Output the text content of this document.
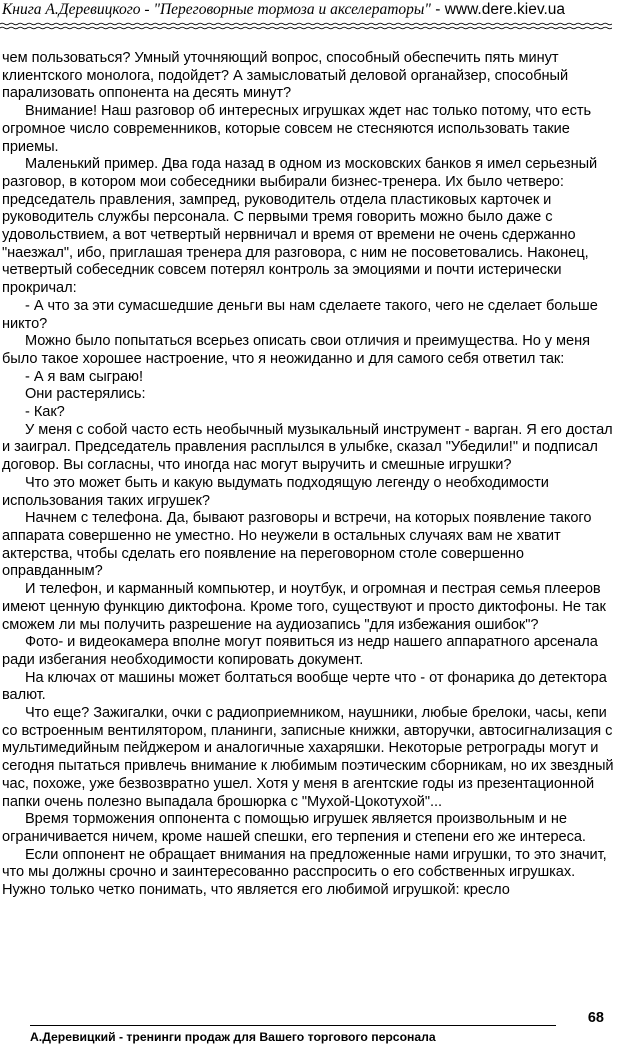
Книга А.Деревицкого - "Переговорные тормоза и акселераторы" - www.dere.kiev.ua

чем пользоваться? Умный уточняющий вопрос, способный обеспечить пять минут клиентского монолога, подойдет? А замысловатый деловой органайзер, способный парализовать оппонента на десять минут?

Внимание! Наш разговор об интересных игрушках ждет нас только потому, что есть огромное число современников, которые совсем не стесняются использовать такие приемы.

Маленький пример. Два года назад в одном из московских банков я имел серьезный разговор, в котором мои собеседники выбирали бизнес-тренера. Их было четверо: председатель правления, зампред, руководитель отдела пластиковых карточек и руководитель службы персонала. С первыми тремя говорить можно было даже с удовольствием, а вот четвертый нервничал и время от времени не очень сдержанно "наезжал", ибо, приглашая тренера для разговора, с ним не посоветовались. Наконец, четвертый собеседник совсем потерял контроль за эмоциями и почти истерически прокричал:

- А что за эти сумасшедшие деньги вы нам сделаете такого, чего не сделает больше никто?

Можно было попытаться всерьез описать свои отличия и преимущества. Но у меня было такое хорошее настроение, что я неожиданно и для самого себя ответил так:

- А я вам сыграю!

Они растерялись:

- Как?

У меня с собой часто есть необычный музыкальный инструмент - варган. Я его достал и заиграл. Председатель правления расплылся в улыбке, сказал "Убедили!" и подписал договор. Вы согласны, что иногда нас могут выручить и смешные игрушки?

Что это может быть и какую выдумать подходящую легенду о необходимости использования таких игрушек?

Начнем с телефона. Да, бывают разговоры и встречи, на которых появление такого аппарата совершенно не уместно. Но неужели в остальных случаях вам не хватит актерства, чтобы сделать его появление на переговорном столе совершенно оправданным?

И телефон, и карманный компьютер, и ноутбук, и огромная и пестрая семья плееров имеют ценную функцию диктофона. Кроме того, существуют и просто диктофоны. Не так сможем ли мы получить разрешение на аудиозапись "для избежания ошибок"?

Фото- и видеокамера вполне могут появиться из недр нашего аппаратного арсенала ради избегания необходимости копировать документ.

На ключах от машины может болтаться вообще черте что - от фонарика до детектора валют.

Что еще? Зажигалки, очки с радиоприемником, наушники, любые брелоки, часы, кепи со встроенным вентилятором, планинги, записные книжки, авторучки, автосигнализация с мультимедийным пейджером и аналогичные хахаряшки. Некоторые ретрограды могут и сегодня пытаться привлечь внимание к любимым поэтическим сборникам, но их звездный час, похоже, уже безвозвратно ушел. Хотя у меня в агентские годы из презентационной папки очень полезно выпадала брошюрка с "Мухой-Цокотухой"...

Время торможения оппонента с помощью игрушек является произвольным и не ограничивается ничем, кроме нашей спешки, его терпения и степени его же интереса.

Если оппонент не обращает внимания на предложенные нами игрушки, то это значит, что мы должны срочно и заинтересованно расспросить о его собственных игрушках. Нужно только четко понимать, что является его любимой игрушкой: кресло

68
А.Деревицкий - тренинги продаж для Вашего торгового персонала
